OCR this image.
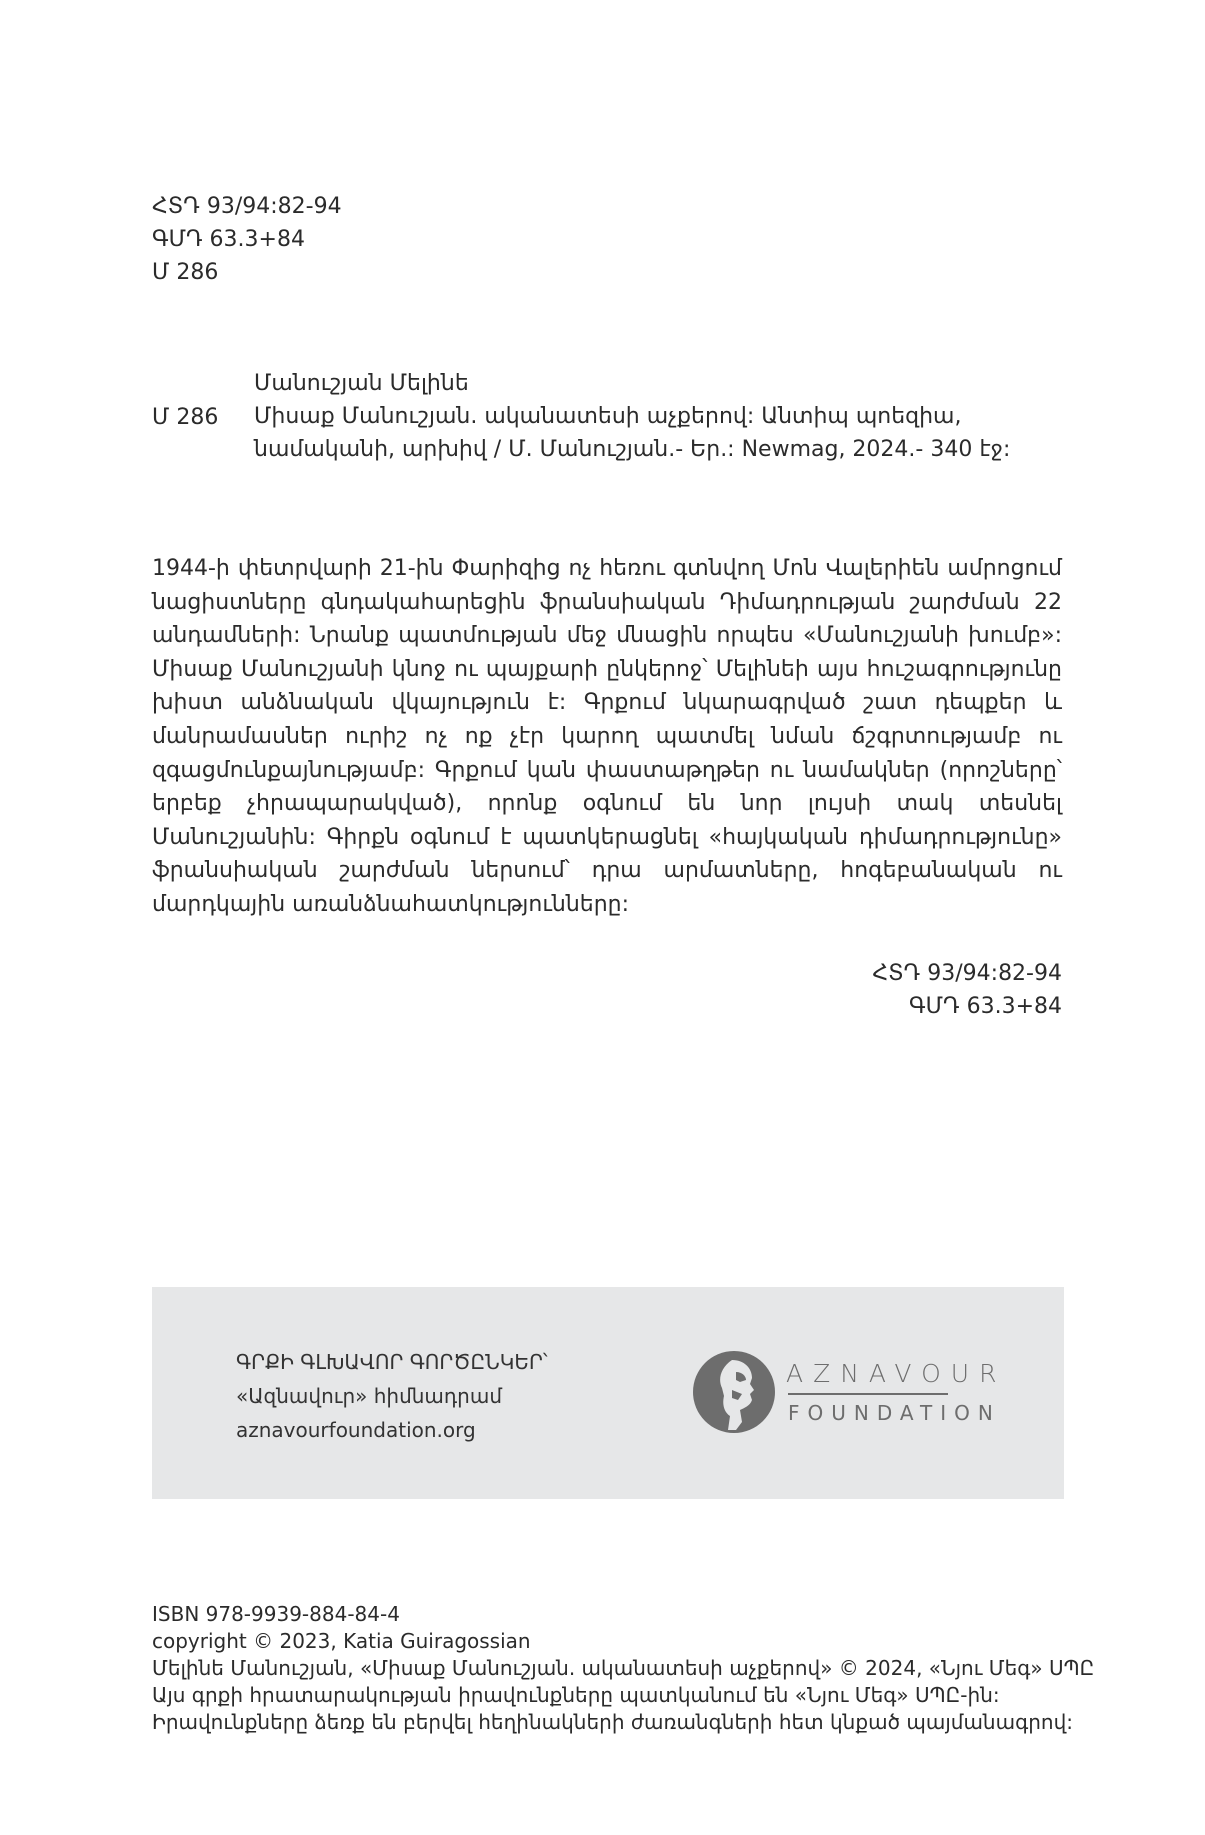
ՀՏԴ 93/94:82-94
ԳՄԴ 63.3+84
Մ 286
Մ 286
Մանուշյան Մելինե
Միսաք Մանուշյան. ականատեսի աչքերով: Անտիպ պոեզիա,
նամականի, արխիվ / Մ. Մանուշյան.- Եր.: Newmag, 2024.- 340 էջ:
1944-ի փետրվարի 21-ին Փարիզից ոչ հեռու գտնվող Մոն Վալերիեն ամրոցում նացիստները գնդակահարեցին ֆրանսիական Դիմադրության շարժման 22 անդամների: Նրանք պատմության մեջ մնացին որպես «Մանուշյանի խումբ»: Միսաք Մանուշյանի կնոջ ու պայքարի ընկերոջ՝ Մելինեի այս հուշագրությունը խիստ անձնական վկայություն է: Գրքում նկարագրված շատ դեպքեր և մանրամասներ ուրիշ ոչ ոք չէր կարող պատմել նման ճշգրտությամբ ու զգացմունքայնությամբ: Գրքում կան փաստաթղթեր ու նամակներ (որոշները՝ երբեք չհրապարակված), որոնք օգնում են նոր լույսի տակ տեսնել Մանուշյանին: Գիրքն օգնում է պատկերացնել «հայկական դիմադրությունը» ֆրանսիական շարժման ներսում՝ դրա արմատները, հոգեբանական ու մարդկային առանձնահատկությունները:
ՀՏԴ 93/94:82-94
ԳՄԴ 63.3+84
ԳՐՔԻ ԳԼԽԱՎՈՐ ԳՈՐԾԸՆԿԵՐ՝
«Ազնավուր» հիմնադրամ
aznavourfoundation.org
AZNAVOUR
FOUNDATION
ISBN 978-9939-884-84-4
copyright © 2023, Katia Guiragossian
Մելինե Մանուշյան, «Միսաք Մանուշյան. ականատեսի աչքերով» © 2024, «Նյու Մեգ» ՍՊԸ
Այս գրքի հրատարակության իրավունքները պատկանում են «Նյու Մեգ» ՍՊԸ-ին:
Իրավունքները ձեռք են բերվել հեղինակների ժառանգների հետ կնքած պայմանագրով:
